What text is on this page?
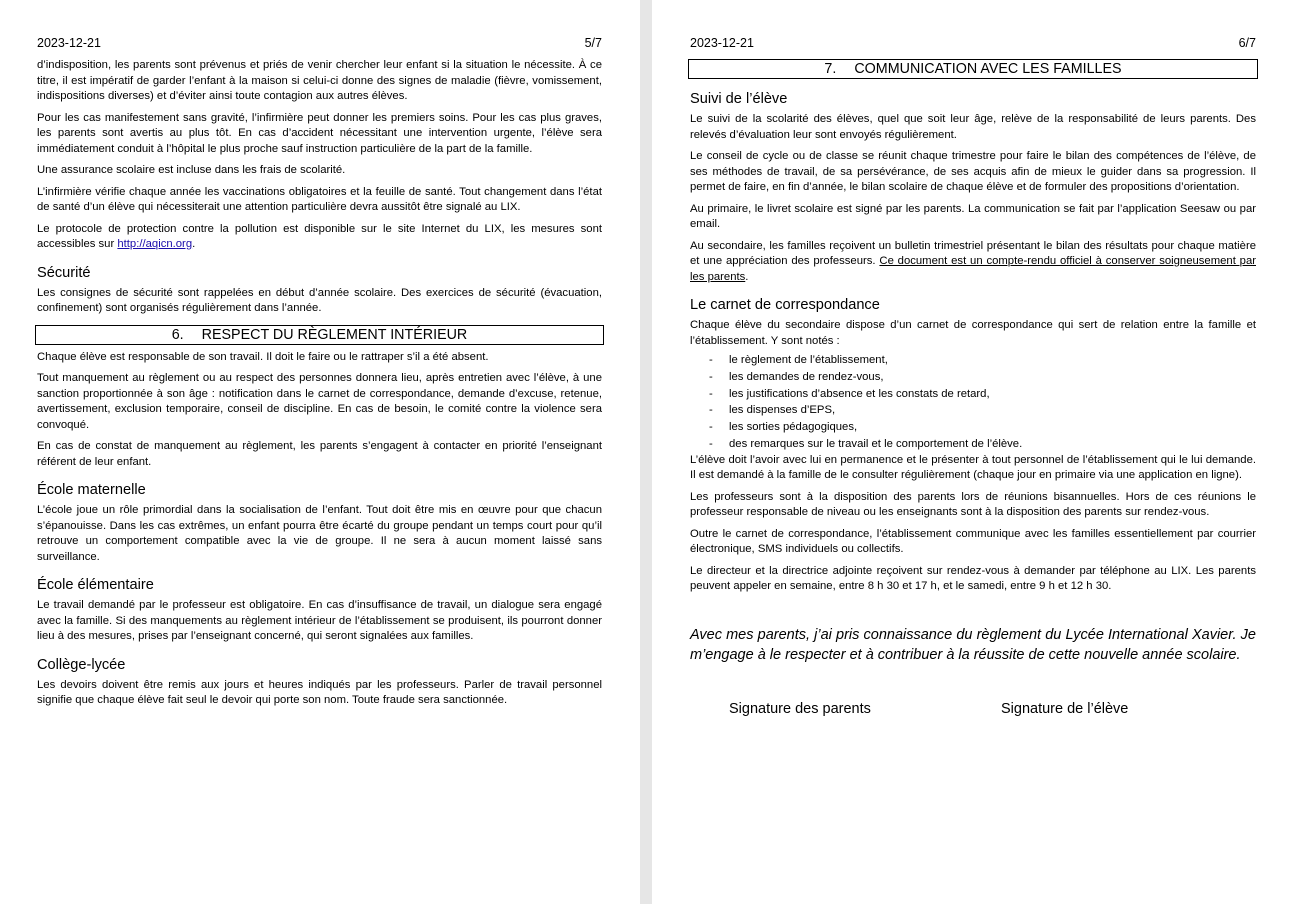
2023-12-21	5/7

d’indisposition, les parents sont prévenus et priés de venir chercher leur enfant si la situation le nécessite. À ce titre, il est impératif de garder l’enfant à la maison si celui-ci donne des signes de maladie (fièvre, vomissement, indispositions diverses) et d’éviter ainsi toute contagion aux autres élèves.

Pour les cas manifestement sans gravité, l’infirmière peut donner les premiers soins. Pour les cas plus graves, les parents sont avertis au plus tôt. En cas d’accident nécessitant une intervention urgente, l’élève sera immédiatement conduit à l’hôpital le plus proche sauf instruction particulière de la part de la famille.

Une assurance scolaire est incluse dans les frais de scolarité.

L’infirmière vérifie chaque année les vaccinations obligatoires et la feuille de santé. Tout changement dans l’état de santé d’un élève qui nécessiterait une attention particulière devra aussitôt être signalé au LIX.

Le protocole de protection contre la pollution est disponible sur le site Internet du LIX, les mesures sont accessibles sur http://aqicn.org.

Sécurité

Les consignes de sécurité sont rappelées en début d’année scolaire. Des exercices de sécurité (évacuation, confinement) sont organisés régulièrement dans l’année.

6. RESPECT DU RÈGLEMENT INTÉRIEUR

Chaque élève est responsable de son travail. Il doit le faire ou le rattraper s’il a été absent.

Tout manquement au règlement ou au respect des personnes donnera lieu, après entretien avec l’élève, à une sanction proportionnée à son âge : notification dans le carnet de correspondance, demande d’excuse, retenue, avertissement, exclusion temporaire, conseil de discipline. En cas de besoin, le comité contre la violence sera convoqué.

En cas de constat de manquement au règlement, les parents s’engagent à contacter en priorité l’enseignant référent de leur enfant.

École maternelle

L’école joue un rôle primordial dans la socialisation de l’enfant. Tout doit être mis en œuvre pour que chacun s’épanouisse. Dans les cas extrêmes, un enfant pourra être écarté du groupe pendant un temps court pour qu’il retrouve un comportement compatible avec la vie de groupe. Il ne sera à aucun moment laissé sans surveillance.

École élémentaire

Le travail demandé par le professeur est obligatoire. En cas d’insuffisance de travail, un dialogue sera engagé avec la famille. Si des manquements au règlement intérieur de l’établissement se produisent, ils pourront donner lieu à des mesures, prises par l’enseignant concerné, qui seront signalées aux familles.

Collège-lycée

Les devoirs doivent être remis aux jours et heures indiqués par les professeurs. Parler de travail personnel signifie que chaque élève fait seul le devoir qui porte son nom. Toute fraude sera sanctionnée.

2023-12-21	6/7
7. COMMUNICATION AVEC LES FAMILLES
Suivi de l’élève

Le suivi de la scolarité des élèves, quel que soit leur âge, relève de la responsabilité de leurs parents. Des relevés d’évaluation leur sont envoyés régulièrement.

Le conseil de cycle ou de classe se réunit chaque trimestre pour faire le bilan des compétences de l’élève, de ses méthodes de travail, de sa persévérance, de ses acquis afin de mieux le guider dans sa progression. Il permet de faire, en fin d’année, le bilan scolaire de chaque élève et de formuler des propositions d’orientation.

Au primaire, le livret scolaire est signé par les parents. La communication se fait par l’application Seesaw ou par email.

Au secondaire, les familles reçoivent un bulletin trimestriel présentant le bilan des résultats pour chaque matière et une appréciation des professeurs. Ce document est un compte-rendu officiel à conserver soigneusement par les parents.

Le carnet de correspondance

Chaque élève du secondaire dispose d’un carnet de correspondance qui sert de relation entre la famille et l’établissement. Y sont notés :

- le règlement de l’établissement,
- les demandes de rendez-vous,
- les justifications d’absence et les constats de retard,
- les dispenses d’EPS,
- les sorties pédagogiques,
- des remarques sur le travail et le comportement de l’élève.

L’élève doit l’avoir avec lui en permanence et le présenter à tout personnel de l’établissement qui le lui demande. Il est demandé à la famille de le consulter régulièrement (chaque jour en primaire via une application en ligne).

Les professeurs sont à la disposition des parents lors de réunions bisannuelles. Hors de ces réunions le professeur responsable de niveau ou les enseignants sont à la disposition des parents sur rendez-vous.

Outre le carnet de correspondance, l’établissement communique avec les familles essentiellement par courrier électronique, SMS individuels ou collectifs.

Le directeur et la directrice adjointe reçoivent sur rendez-vous à demander par téléphone au LIX. Les parents peuvent appeler en semaine, entre 8 h 30 et 17 h, et le samedi, entre 9 h et 12 h 30.

Avec mes parents, j’ai pris connaissance du règlement du Lycée International Xavier. Je m’engage à le respecter et à contribuer à la réussite de cette nouvelle année scolaire.

Signature des parents	Signature de l’élève
